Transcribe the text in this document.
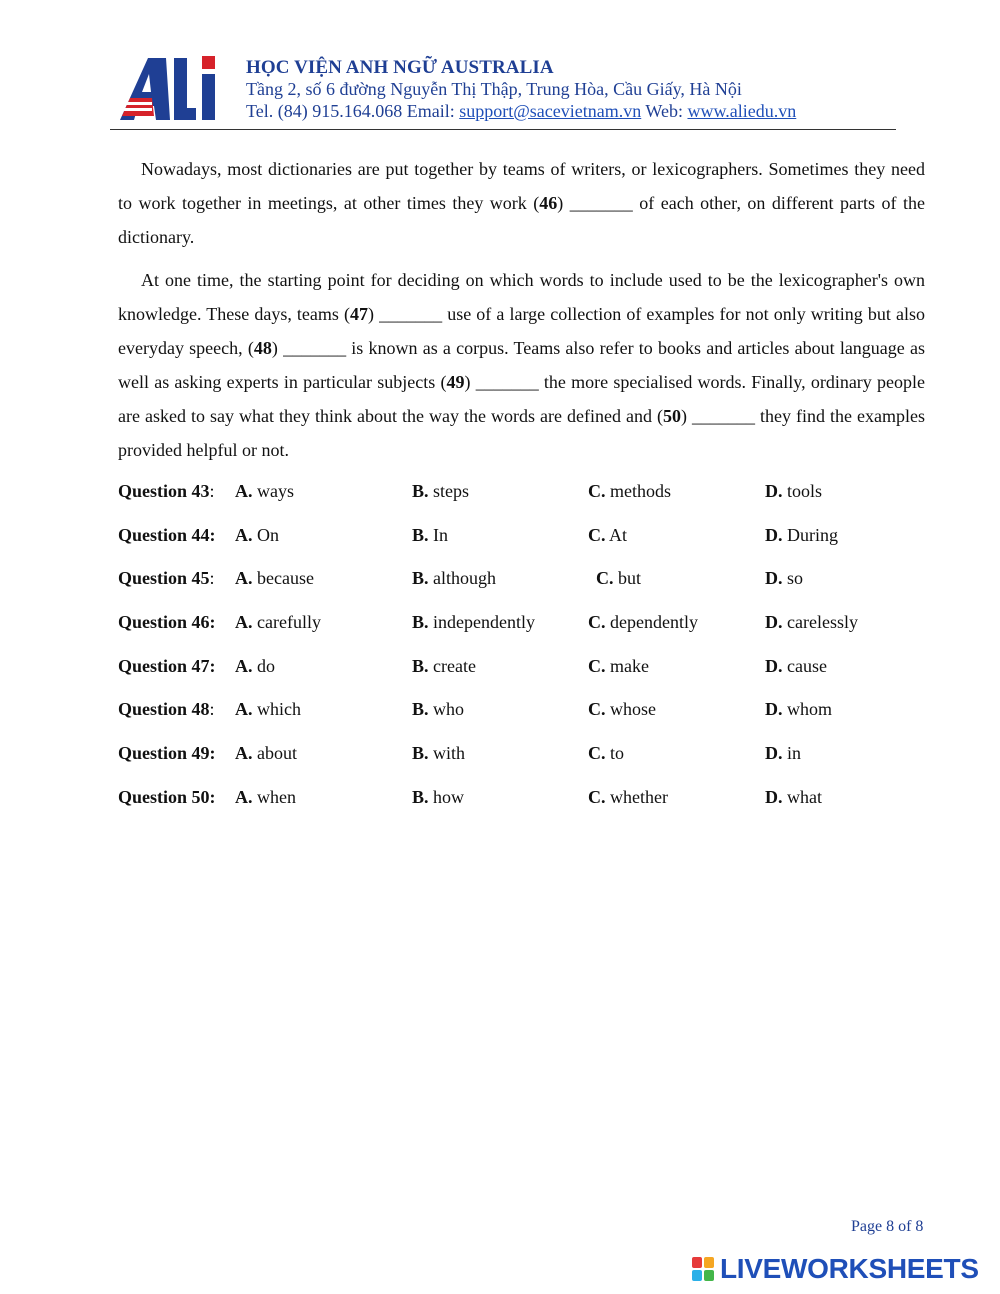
HỌC VIỆN ANH NGỮ AUSTRALIA
Tầng 2, số 6 đường Nguyễn Thị Thập, Trung Hòa, Cầu Giấy, Hà Nội
Tel. (84) 915.164.068 Email: support@sacevietnam.vn Web: www.aliedu.vn

Nowadays, most dictionaries are put together by teams of writers, or lexicographers. Sometimes they need to work together in meetings, at other times they work (46) _______ of each other, on different parts of the dictionary.

At one time, the starting point for deciding on which words to include used to be the lexicographer's own knowledge. These days, teams (47) _______ use of a large collection of examples for not only writing but also everyday speech, (48) _______ is known as a corpus. Teams also refer to books and articles about language as well as asking experts in particular subjects (49) _______ the more specialised words. Finally, ordinary people are asked to say what they think about the way the words are defined and (50) _______ they find the examples provided helpful or not.

Question 43: A. ways	B. steps	C. methods	D. tools
Question 44: A. On	B. In	C. At	D. During
Question 45: A. because	B. although	C. but	D. so
Question 46: A. carefully	B. independently	C. dependently	D. carelessly
Question 47: A. do	B. create	C. make	D. cause
Question 48: A. which	B. who	C. whose	D. whom
Question 49: A. about	B. with	C. to	D. in
Question 50: A. when	B. how	C. whether	D. what
Page 8 of 8
LIVEWORKSHEETS
